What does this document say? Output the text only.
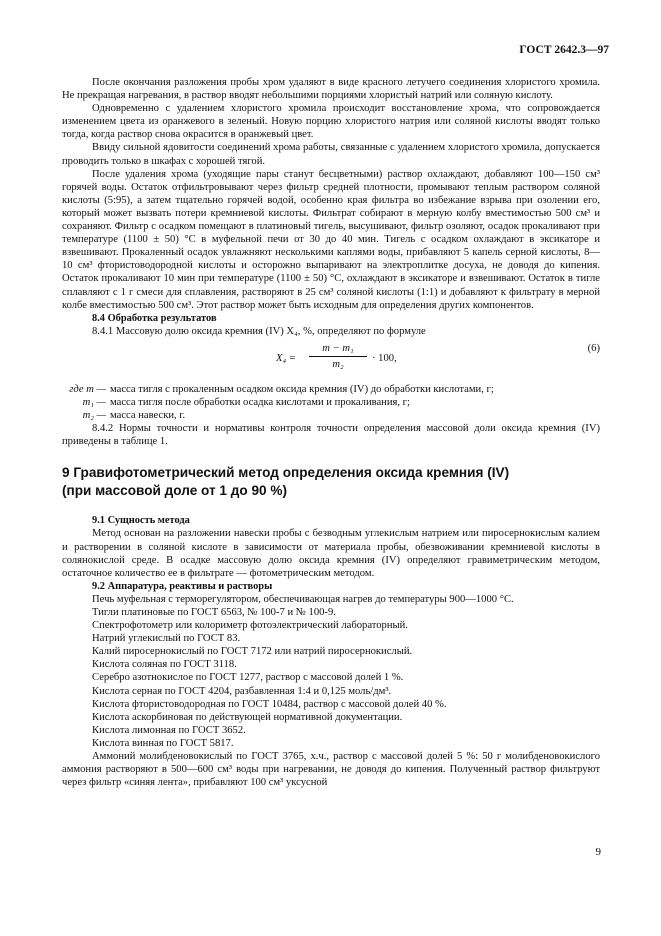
ГОСТ 2642.3—97

После окончания разложения пробы хром удаляют в виде красного летучего соединения хлористого хромила. Не прекращая нагревания, в раствор вводят небольшими порциями хлористый натрий или соляную кислоту.

Одновременно с удалением хлористого хромила происходит восстановление хрома, что сопровождается изменением цвета из оранжевого в зеленый. Новую порцию хлористого натрия или соляной кислоты вводят только тогда, когда раствор снова окрасится в оранжевый цвет.

Ввиду сильной ядовитости соединений хрома работы, связанные с удалением хлористого хромила, допускается проводить только в шкафах с хорошей тягой.

После удаления хрома (уходящие пары станут бесцветными) раствор охлаждают, добавляют 100—150 см³ горячей воды. Остаток отфильтровывают через фильтр средней плотности, промывают теплым раствором соляной кислоты (5:95), а затем тщательно горячей водой, особенно края фильтра во избежание взрыва при озолении его, который может вызвать потери кремниевой кислоты. Фильтрат собирают в мерную колбу вместимостью 500 см³ и сохраняют. Фильтр с осадком помещают в платиновый тигель, высушивают, фильтр озоляют, осадок прокаливают при температуре (1100 ± 50) °С в муфельной печи от 30 до 40 мин. Тигель с осадком охлаждают в эксикаторе и взвешивают. Прокаленный осадок увлажняют несколькими каплями воды, прибавляют 5 капель серной кислоты, 8—10 см³ фтористоводородной кислоты и осторожно выпаривают на электроплитке досуха, не доводя до кипения. Остаток прокаливают 10 мин при температуре (1100 ± 50) °С, охлаждают в эксикаторе и взвешивают. Остаток в тигле сплавляют с 1 г смеси для сплавления, растворяют в 25 см³ соляной кислоты (1:1) и добавляют к фильтрату в мерной колбе вместимостью 500 см³. Этот раствор может быть исходным для определения других компонентов.

8.4 Обработка результатов

8.4.1 Массовую долю оксида кремния (IV) X₄, %, определяют по формуле

$X_4 = \frac{\text{m − m₁}}{\text{m₂}} \cdot 100$,
(6)
где m — масса тигля с прокаленным осадком оксида кремния (IV) до обработки кислотами, г;
m₁ — масса тигля после обработки осадка кислотами и прокаливания, г;
m₂ — масса навески, г.

8.4.2 Нормы точности и нормативы контроля точности определения массовой доли оксида кремния (IV) приведены в таблице 1.

9 Гравифотометрический метод определения оксида кремния (IV)
(при массовой доле от 1 до 90 %)

9.1 Сущность метода

Метод основан на разложении навески пробы с безводным углекислым натрием или пиросернокислым калием и растворении в соляной кислоте в зависимости от материала пробы, обезвоживании кремниевой кислоты в солянокислой среде. В осадке массовую долю оксида кремния (IV) определяют гравиметрическим методом, остаточное количество ее в фильтрате — фотометрическим методом.

9.2 Аппаратура, реактивы и растворы

Печь муфельная с терморегулятором, обеспечивающая нагрев до температуры 900—1000 °С.

Тигли платиновые по ГОСТ 6563, № 100-7 и № 100-9.

Спектрофотометр или колориметр фотоэлектрический лабораторный.

Натрий углекислый по ГОСТ 83.

Калий пиросернокислый по ГОСТ 7172 или натрий пиросернокислый.

Кислота соляная по ГОСТ 3118.

Серебро азотнокислое по ГОСТ 1277, раствор с массовой долей 1 %.

Кислота серная по ГОСТ 4204, разбавленная 1:4 и 0,125 моль/дм³.

Кислота фтористоводородная по ГОСТ 10484, раствор с массовой долей 40 %.

Кислота аскорбиновая по действующей нормативной документации.

Кислота лимонная по ГОСТ 3652.

Кислота винная по ГОСТ 5817.

Аммоний молибденовокислый по ГОСТ 3765, х.ч., раствор с массовой долей 5 %: 50 г молибденовокислого аммония растворяют в 500—600 см³ воды при нагревании, не доводя до кипения. Полученный раствор фильтруют через фильтр «синяя лента», прибавляют 100 см³ уксусной

9
